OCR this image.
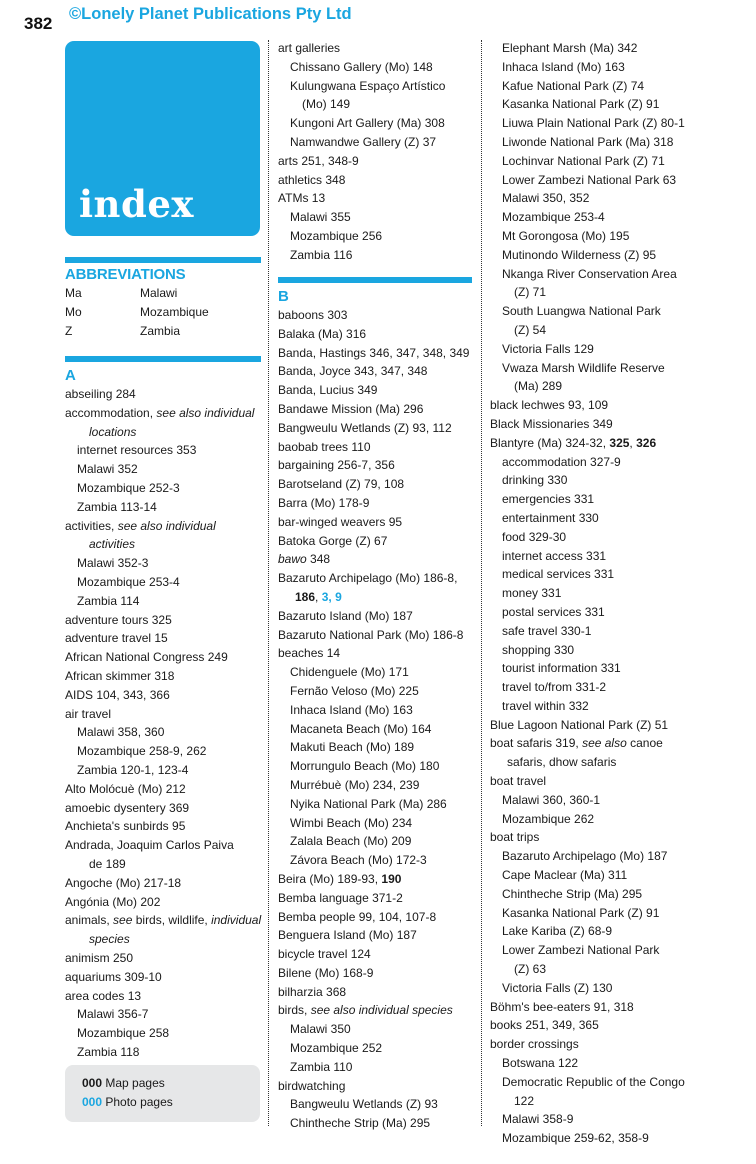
382 ©Lonely Planet Publications Pty Ltd
index
ABBREVIATIONS
Ma	Malawi
Mo	Mozambique
Z	Zambia
A
abseiling 284
accommodation, see also individual
locations
internet resources 353
Malawi 352
Mozambique 252-3
Zambia 113-14
activities, see also individual
activities
Malawi 352-3
Mozambique 253-4
Zambia 114
adventure tours 325
adventure travel 15
African National Congress 249
African skimmer 318
AIDS 104, 343, 366
air travel
Malawi 358, 360
Mozambique 258-9, 262
Zambia 120-1, 123-4
Alto Molócuè (Mo) 212
amoebic dysentery 369
Anchieta's sunbirds 95
Andrada, Joaquim Carlos Paiva
de 189
Angoche (Mo) 217-18
Angónia (Mo) 202
animals, see birds, wildlife, individual
species
animism 250
aquariums 309-10
area codes 13
Malawi 356-7
Mozambique 258
Zambia 118
000 Map pages
000 Photo pages
art galleries
Chissano Gallery (Mo) 148
Kulungwana Espaço Artístico
(Mo) 149
Kungoni Art Gallery (Ma) 308
Namwandwe Gallery (Z) 37
arts 251, 348-9
athletics 348
ATMs 13
Malawi 355
Mozambique 256
Zambia 116
B
baboons 303
Balaka (Ma) 316
Banda, Hastings 346, 347, 348, 349
Banda, Joyce 343, 347, 348
Banda, Lucius 349
Bandawe Mission (Ma) 296
Bangweulu Wetlands (Z) 93, 112
baobab trees 110
bargaining 256-7, 356
Barotseland (Z) 79, 108
Barra (Mo) 178-9
bar-winged weavers 95
Batoka Gorge (Z) 67
bawo 348
Bazaruto Archipelago (Mo) 186-8,
186, 3, 9
Bazaruto Island (Mo) 187
Bazaruto National Park (Mo) 186-8
beaches 14
Chidenguele (Mo) 171
Fernão Veloso (Mo) 225
Inhaca Island (Mo) 163
Macaneta Beach (Mo) 164
Makuti Beach (Mo) 189
Morrungulo Beach (Mo) 180
Murrébuè (Mo) 234, 239
Nyika National Park (Ma) 286
Wimbi Beach (Mo) 234
Zalala Beach (Mo) 209
Závora Beach (Mo) 172-3
Beira (Mo) 189-93, 190
Bemba language 371-2
Bemba people 99, 104, 107-8
Benguera Island (Mo) 187
bicycle travel 124
Bilene (Mo) 168-9
bilharzia 368
birds, see also individual species
Malawi 350
Mozambique 252
Zambia 110
birdwatching
Bangweulu Wetlands (Z) 93
Chintheche Strip (Ma) 295
Elephant Marsh (Ma) 342
Inhaca Island (Mo) 163
Kafue National Park (Z) 74
Kasanka National Park (Z) 91
Liuwa Plain National Park (Z) 80-1
Liwonde National Park (Ma) 318
Lochinvar National Park (Z) 71
Lower Zambezi National Park 63
Malawi 350, 352
Mozambique 253-4
Mt Gorongosa (Mo) 195
Mutinondo Wilderness (Z) 95
Nkanga River Conservation Area
(Z) 71
South Luangwa National Park
(Z) 54
Victoria Falls 129
Vwaza Marsh Wildlife Reserve
(Ma) 289
black lechwes 93, 109
Black Missionaries 349
Blantyre (Ma) 324-32, 325, 326
accommodation 327-9
drinking 330
emergencies 331
entertainment 330
food 329-30
internet access 331
medical services 331
money 331
postal services 331
safe travel 330-1
shopping 330
tourist information 331
travel to/from 331-2
travel within 332
Blue Lagoon National Park (Z) 51
boat safaris 319, see also canoe
safaris, dhow safaris
boat travel
Malawi 360, 360-1
Mozambique 262
boat trips
Bazaruto Archipelago (Mo) 187
Cape Maclear (Ma) 311
Chintheche Strip (Ma) 295
Kasanka National Park (Z) 91
Lake Kariba (Z) 68-9
Lower Zambezi National Park
(Z) 63
Victoria Falls (Z) 130
Böhm's bee-eaters 91, 318
books 251, 349, 365
border crossings
Botswana 122
Democratic Republic of the Congo
122
Malawi 358-9
Mozambique 259-62, 358-9
